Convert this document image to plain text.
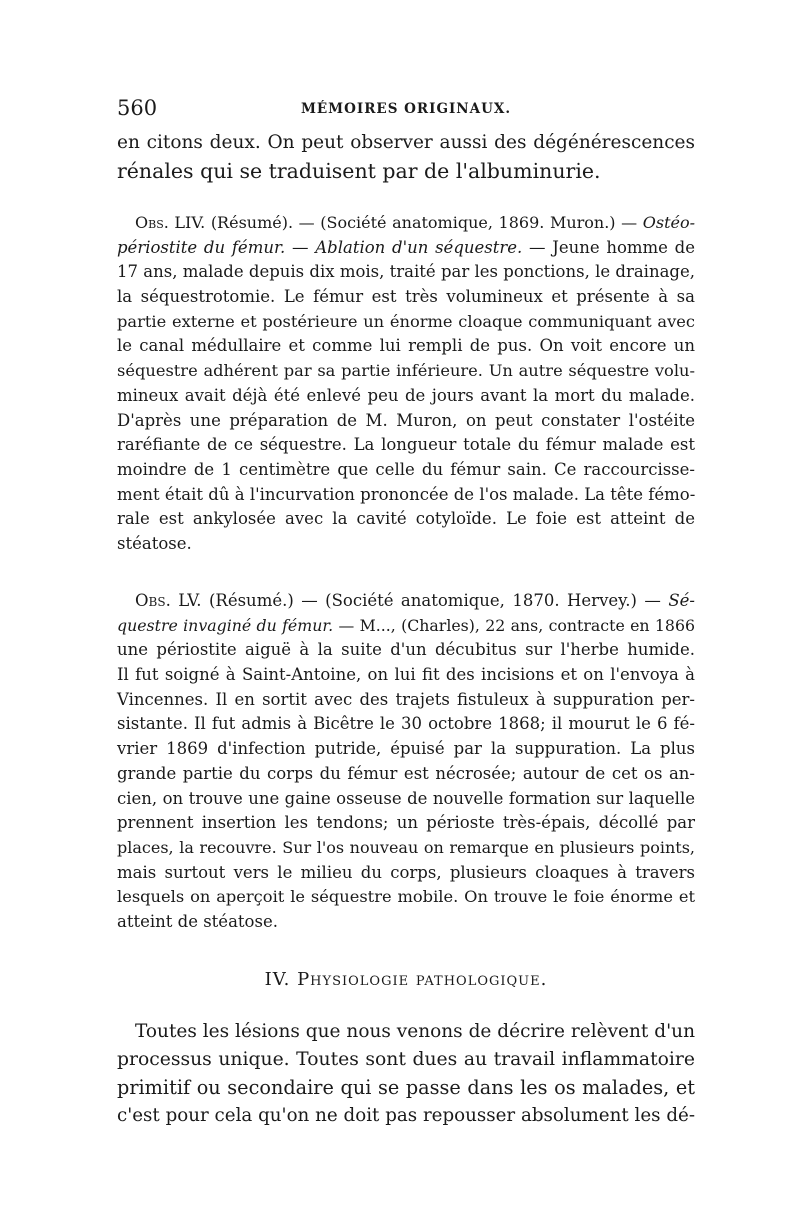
560	MÉMOIRES ORIGINAUX.
en citons deux. On peut observer aussi des dégénérescences
rénales qui se traduisent par de l'albuminurie.
Obs. LIV. (Résumé). — (Société anatomique, 1869. Muron.) — Ostéo-
périostite du fémur. — Ablation d'un séquestre. — Jeune homme de
17 ans, malade depuis dix mois, traité par les ponctions, le drainage,
la séquestrotomie. Le fémur est très volumineux et présente à sa
partie externe et postérieure un énorme cloaque communiquant avec
le canal médullaire et comme lui rempli de pus. On voit encore un
séquestre adhérent par sa partie inférieure. Un autre séquestre volu-
mineux avait déjà été enlevé peu de jours avant la mort du malade.
D'après une préparation de M. Muron, on peut constater l'ostéite
raréfiante de ce séquestre. La longueur totale du fémur malade est
moindre de 1 centimètre que celle du fémur sain. Ce raccourcisse-
ment était dû à l'incurvation prononcée de l'os malade. La tête fémo-
rale est ankylosée avec la cavité cotyloïde. Le foie est atteint de
stéatose.
Obs. LV. (Résumé.) — (Société anatomique, 1870. Hervey.) — Sé-
questre invaginé du fémur. — M..., (Charles), 22 ans, contracte en 1866
une périostite aiguë à la suite d'un décubitus sur l'herbe humide.
Il fut soigné à Saint-Antoine, on lui fit des incisions et on l'envoya à
Vincennes. Il en sortit avec des trajets fistuleux à suppuration per-
sistante. Il fut admis à Bicêtre le 30 octobre 1868; il mourut le 6 fé-
vrier 1869 d'infection putride, épuisé par la suppuration. La plus
grande partie du corps du fémur est nécrosée; autour de cet os an-
cien, on trouve une gaine osseuse de nouvelle formation sur laquelle
prennent insertion les tendons; un périoste très-épais, décollé par
places, la recouvre. Sur l'os nouveau on remarque en plusieurs points,
mais surtout vers le milieu du corps, plusieurs cloaques à travers
lesquels on aperçoit le séquestre mobile. On trouve le foie énorme et
atteint de stéatose.
IV. Physiologie pathologique.
Toutes les lésions que nous venons de décrire relèvent d'un
processus unique. Toutes sont dues au travail inflammatoire
primitif ou secondaire qui se passe dans les os malades, et
c'est pour cela qu'on ne doit pas repousser absolument les dé-
